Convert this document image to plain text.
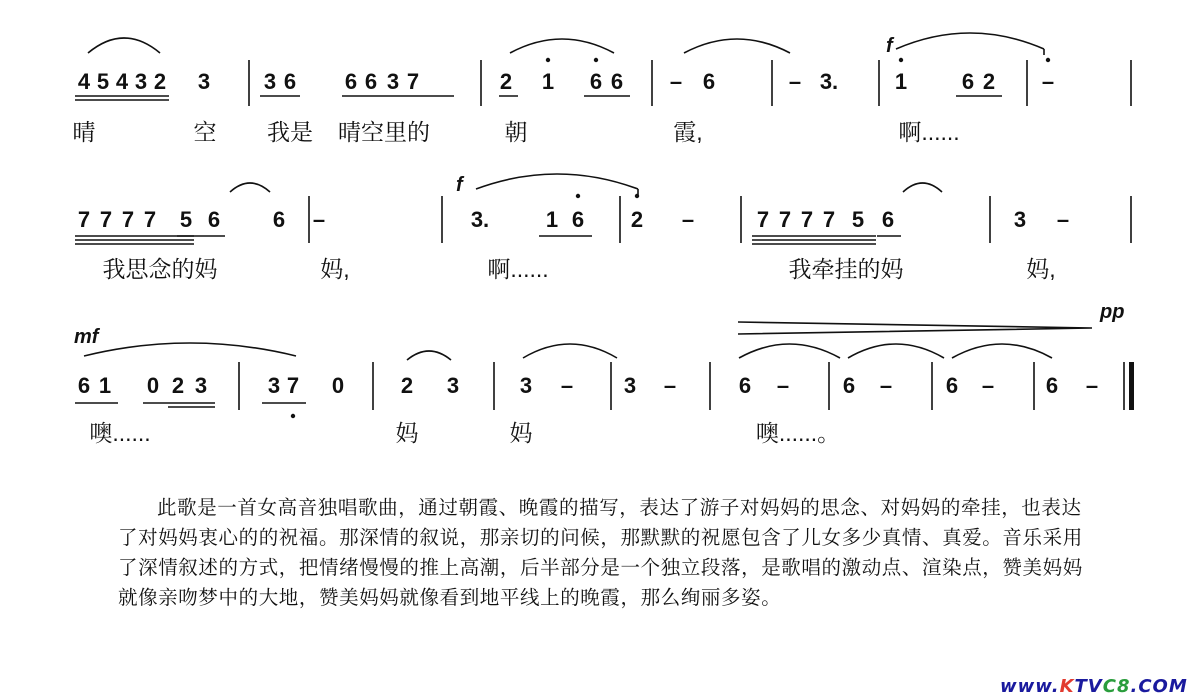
4 5 4 3 2 3 3 6 6 6 3 7	2 1 6 6 – 6	– 3.	1 6 2 –
7 7 7 7 5 6 6 –	3.	1 6 2 –	7 7 7 7 5 6	3 –
6 1 0 2 3	3 7 0	2 3	3 – 3 –	6 – 6 – 6 – 6 –
晴	空 我是 晴空里的	朝	霞,	啊......
我思念的妈	妈,	啊......	我牵挂的妈	妈,
噢......	妈	妈	噢......。
f
f
mf
pp
此歌是一首女高音独唱歌曲，通过朝霞、晚霞的描写，表达了游子对妈妈的思念、对妈妈的牵挂，也表达了对妈妈衷心的的祝福。那深情的叙说，那亲切的问候，那默默的祝愿包含了儿女多少真情、真爱。音乐采用了深情叙述的方式，把情绪慢慢的推上高潮，后半部分是一个独立段落，是歌唱的激动点、渲染点，赞美妈妈就像亲吻梦中的大地，赞美妈妈就像看到地平线上的晚霞，那么绚丽多姿。
www.KTVC8.COM
